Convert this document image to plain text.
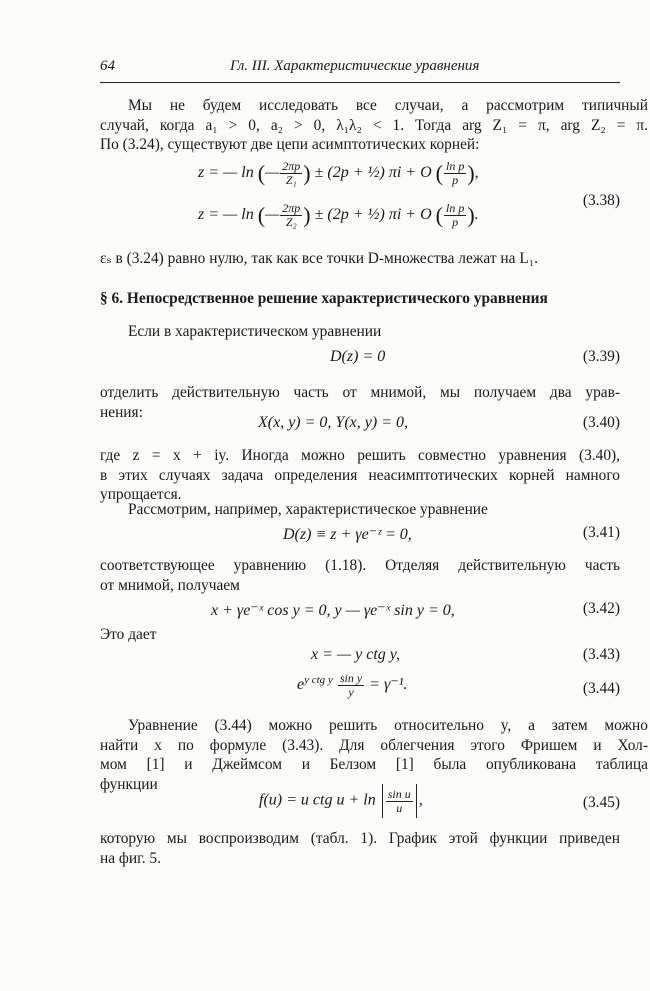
64	Гл. III. Характеристические уравнения
Мы не будем исследовать все случаи, а рассмотрим типичный
случай, когда a₁ > 0, a₂ > 0, λ₁λ₂ < 1. Тогда arg Z₁ = π, arg Z₂ = π.
По (3.24), существуют две цепи асимптотических корней:
z = — ln (— $\frac{2\pi p}{\text{Z₁}}$ ) ± (2p + ½) πi + O ( $\frac{\text{ln p}}{p}$ ),
z = — ln (— $\frac{2\pi p}{\text{Z₂}}$ ) ± (2p + ½) πi + O ( $\frac{\text{ln p}}{p}$ ).
(3.38)
εₛ в (3.24) равно нулю, так как все точки D-множества лежат на L₁.
§ 6. Непосредственное решение характеристического уравнения
Если в характеристическом уравнении
D(z) = 0	(3.39)
отделить действительную часть от мнимой, мы получаем два урав-
нения:
X(x, y) = 0, Y(x, y) = 0,	(3.40)
где z = x + iy. Иногда можно решить совместно уравнения (3.40),
в этих случаях задача определения неасимптотических корней намного
упрощается.
Рассмотрим, например, характеристическое уравнение
D(z) ≡ z + γe⁻ᶻ = 0,	(3.41)
соответствующее уравнению (1.18). Отделяя действительную часть
от мнимой, получаем
x + γe⁻ˣ cos y = 0, y — γe⁻ˣ sin y = 0,	(3.42)
Это дает
x = — y ctg y,	(3.43)
$e^{y ctg y} \frac{\text{sin y}}{y} = \gamma^{-1}$.	(3.44)
Уравнение (3.44) можно решить относительно y, а затем можно
найти x по формуле (3.43). Для облегчения этого Фришем и Хол-
мом [1] и Джеймсом и Белзом [1] была опубликована таблица
функции
f(u) = u ctg $u + \ln \frac{\text{sin u}}{u}$ ,	(3.45)
которую мы воспроизводим (табл. 1). График этой функции приведен
на фиг. 5.
